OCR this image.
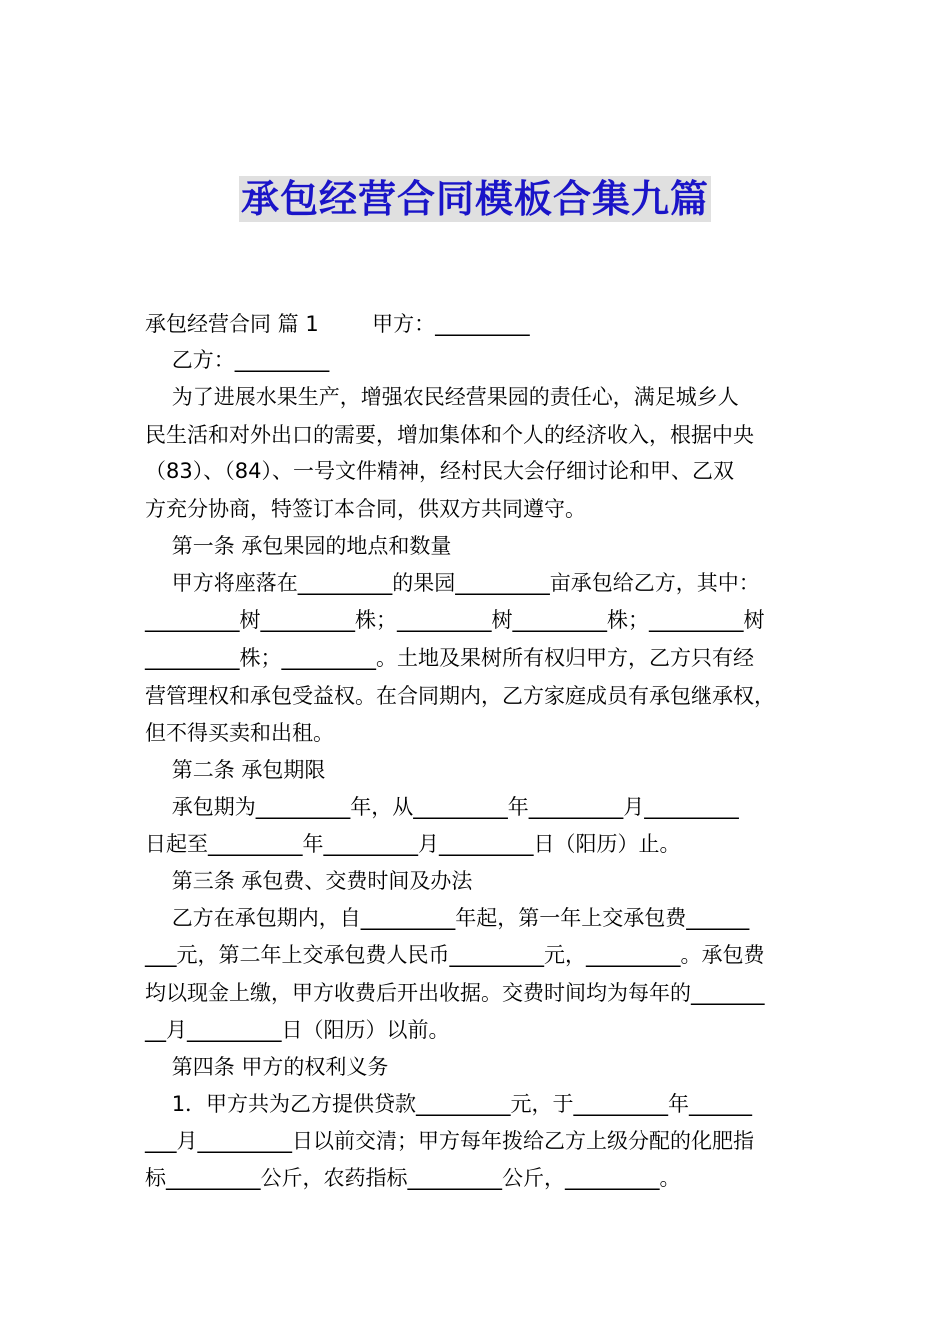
承包经营合同模板合集九篇
承包经营合同 篇 1        甲方：_________
乙方：_________
为了进展水果生产，增强农民经营果园的责任心，满足城乡人
民生活和对外出口的需要，增加集体和个人的经济收入，根据中央
（83）、（84）、一号文件精神，经村民大会仔细讨论和甲、乙双
方充分协商，特签订本合同，供双方共同遵守。
第一条 承包果园的地点和数量
甲方将座落在_________的果园_________亩承包给乙方，其中：
_________树_________株；_________树_________株；_________树
_________株；_________。土地及果树所有权归甲方，乙方只有经
营管理权和承包受益权。在合同期内，乙方家庭成员有承包继承权，
但不得买卖和出租。
第二条 承包期限
承包期为_________年，从_________年_________月_________
日起至_________年_________月_________日（阳历）止。
第三条 承包费、交费时间及办法
乙方在承包期内，自_________年起，第一年上交承包费______
___元，第二年上交承包费人民币_________元，_________。承包费
均以现金上缴，甲方收费后开出收据。交费时间均为每年的_______
__月_________日（阳历）以前。
第四条 甲方的权利义务
1．甲方共为乙方提供贷款_________元，于_________年______
___月_________日以前交清；甲方每年拨给乙方上级分配的化肥指
标_________公斤，农药指标_________公斤，_________。
